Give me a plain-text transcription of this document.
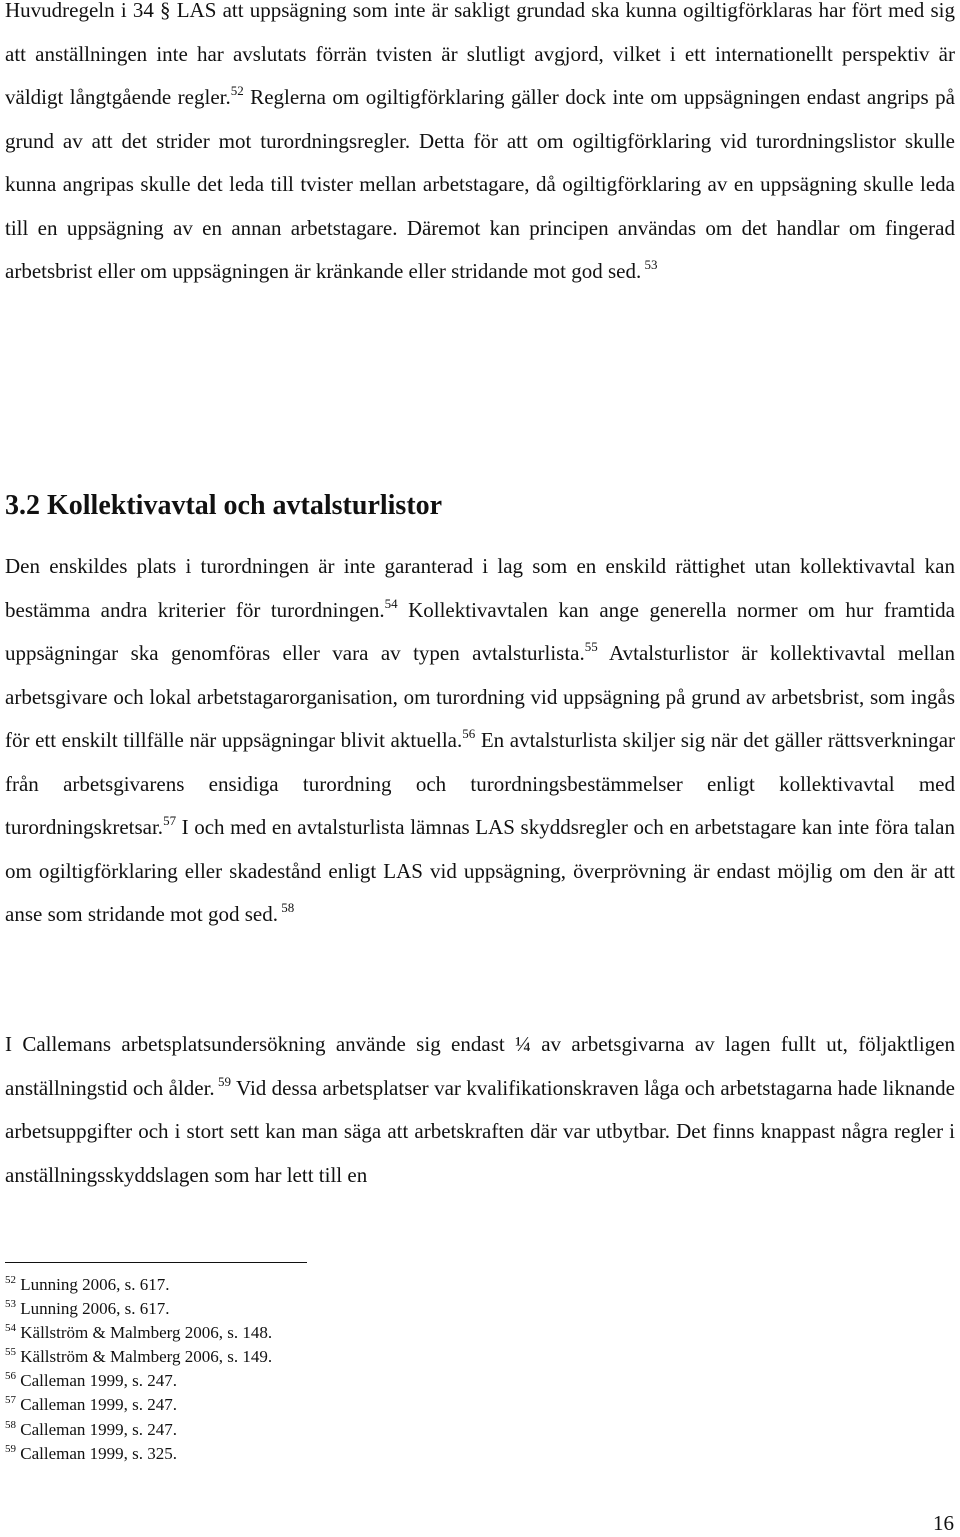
Huvudregeln i 34 § LAS att uppsägning som inte är sakligt grundad ska kunna ogiltigförklaras har fört med sig att anställningen inte har avslutats förrän tvisten är slutligt avgjord, vilket i ett internationellt perspektiv är väldigt långtgående regler.$^{52}$ Reglerna om ogiltigförklaring gäller dock inte om uppsägningen endast angrips på grund av att det strider mot turordningsregler. Detta för att om ogiltigförklaring vid turordningslistor skulle kunna angripas skulle det leda till tvister mellan arbetstagare, då ogiltigförklaring av en uppsägning skulle leda till en uppsägning av en annan arbetstagare. Däremot kan principen användas om det handlar om fingerad arbetsbrist eller om uppsägningen är kränkande eller stridande mot god sed. $^{53}$

3.2 Kollektivavtal och avtalsturlistor

Den enskildes plats i turordningen är inte garanterad i lag som en enskild rättighet utan kollektivavtal kan bestämma andra kriterier för turordningen.$^{54}$ Kollektivavtalen kan ange generella normer om hur framtida uppsägningar ska genomföras eller vara av typen avtalsturlista.$^{55}$ Avtalsturlistor är kollektivavtal mellan arbetsgivare och lokal arbetstagarorganisation, om turordning vid uppsägning på grund av arbetsbrist, som ingås för ett enskilt tillfälle när uppsägningar blivit aktuella.$^{56}$ En avtalsturlista skiljer sig när det gäller rättsverkningar från arbetsgivarens ensidiga turordning och turordningsbestämmelser enligt kollektivavtal med turordningskretsar.$^{57}$ I och med en avtalsturlista lämnas LAS skyddsregler och en arbetstagare kan inte föra talan om ogiltigförklaring eller skadestånd enligt LAS vid uppsägning, överprövning är endast möjlig om den är att anse som stridande mot god sed. $^{58}$

I Callemans arbetsplatsundersökning använde sig endast ¼ av arbetsgivarna av lagen fullt ut, följaktligen anställningstid och ålder. $^{59}$ Vid dessa arbetsplatser var kvalifikationskraven låga och arbetstagarna hade liknande arbetsuppgifter och i stort sett kan man säga att arbetskraften där var utbytbar. Det finns knappast några regler i anställningsskyddslagen som har lett till en

$^{52}$ Lunning 2006, s. 617.
$^{53}$ Lunning 2006, s. 617.
$^{54}$ Källström & Malmberg 2006, s. 148.
$^{55}$ Källström & Malmberg 2006, s. 149.
$^{56}$ Calleman 1999, s. 247.
$^{57}$ Calleman 1999, s. 247.
$^{58}$ Calleman 1999, s. 247.
$^{59}$ Calleman 1999, s. 325.
16
